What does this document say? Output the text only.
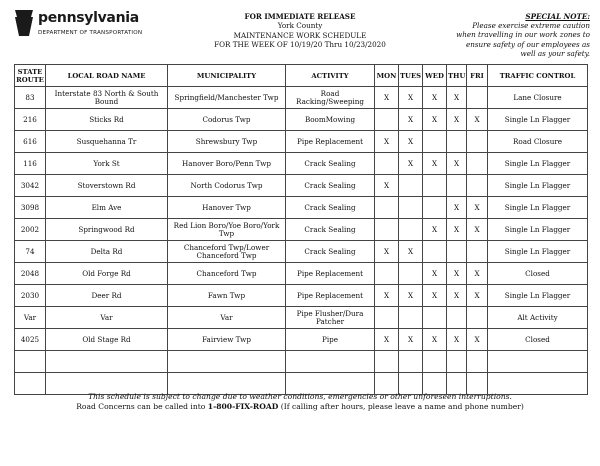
pennsylvania
DEPARTMENT OF TRANSPORTATION
FOR IMMEDIATE RELEASE
York County
MAINTENANCE WORK SCHEDULE
FOR THE WEEK OF 10/19/20 Thru 10/23/2020
SPECIAL NOTE:
Please exercise extreme caution
when travelling in our work zones to
ensure safety of our employees as
well as your safety.
STATE
ROUTE	LOCAL ROAD NAME	MUNICIPALITY	ACTIVITY	MON	TUES	WED	THU	FRI	TRAFFIC CONTROL
83	Interstate 83 North & South Bound	Springfield/Manchester Twp	Road Racking/Sweeping	X	X	X	X		Lane Closure
216	Sticks Rd	Codorus Twp	BoomMowing		X	X	X	X	Single Ln Flagger
616	Susquehanna Tr	Shrewsbury Twp	Pipe Replacement	X	X				Road Closure
116	York St	Hanover Boro/Penn Twp	Crack Sealing		X	X	X		Single Ln Flagger
3042	Stoverstown Rd	North Codorus Twp	Crack Sealing	X					Single Ln Flagger
3098	Elm Ave	Hanover Twp	Crack Sealing				X	X	Single Ln Flagger
2002	Springwood Rd	Red Lion Boro/Yoe Boro/York Twp	Crack Sealing			X	X	X	Single Ln Flagger
74	Delta Rd	Chanceford Twp/Lower Chanceford Twp	Crack Sealing	X	X				Single Ln Flagger
2048	Old Forge Rd	Chanceford Twp	Pipe Replacement			X	X	X	Closed
2030	Deer Rd	Fawn Twp	Pipe Replacement	X	X	X	X	X	Single Ln Flagger
Var	Var	Var	Pipe Flusher/Dura Patcher						Alt Activity
4025	Old Stage Rd	Fairview Twp	Pipe	X	X	X	X	X	Closed

This schedule is subject to change due to weather conditions, emergencies or other unforeseen interruptions.
Road Concerns can be called into 1-800-FIX-ROAD (If calling after hours, please leave a name and phone number)
